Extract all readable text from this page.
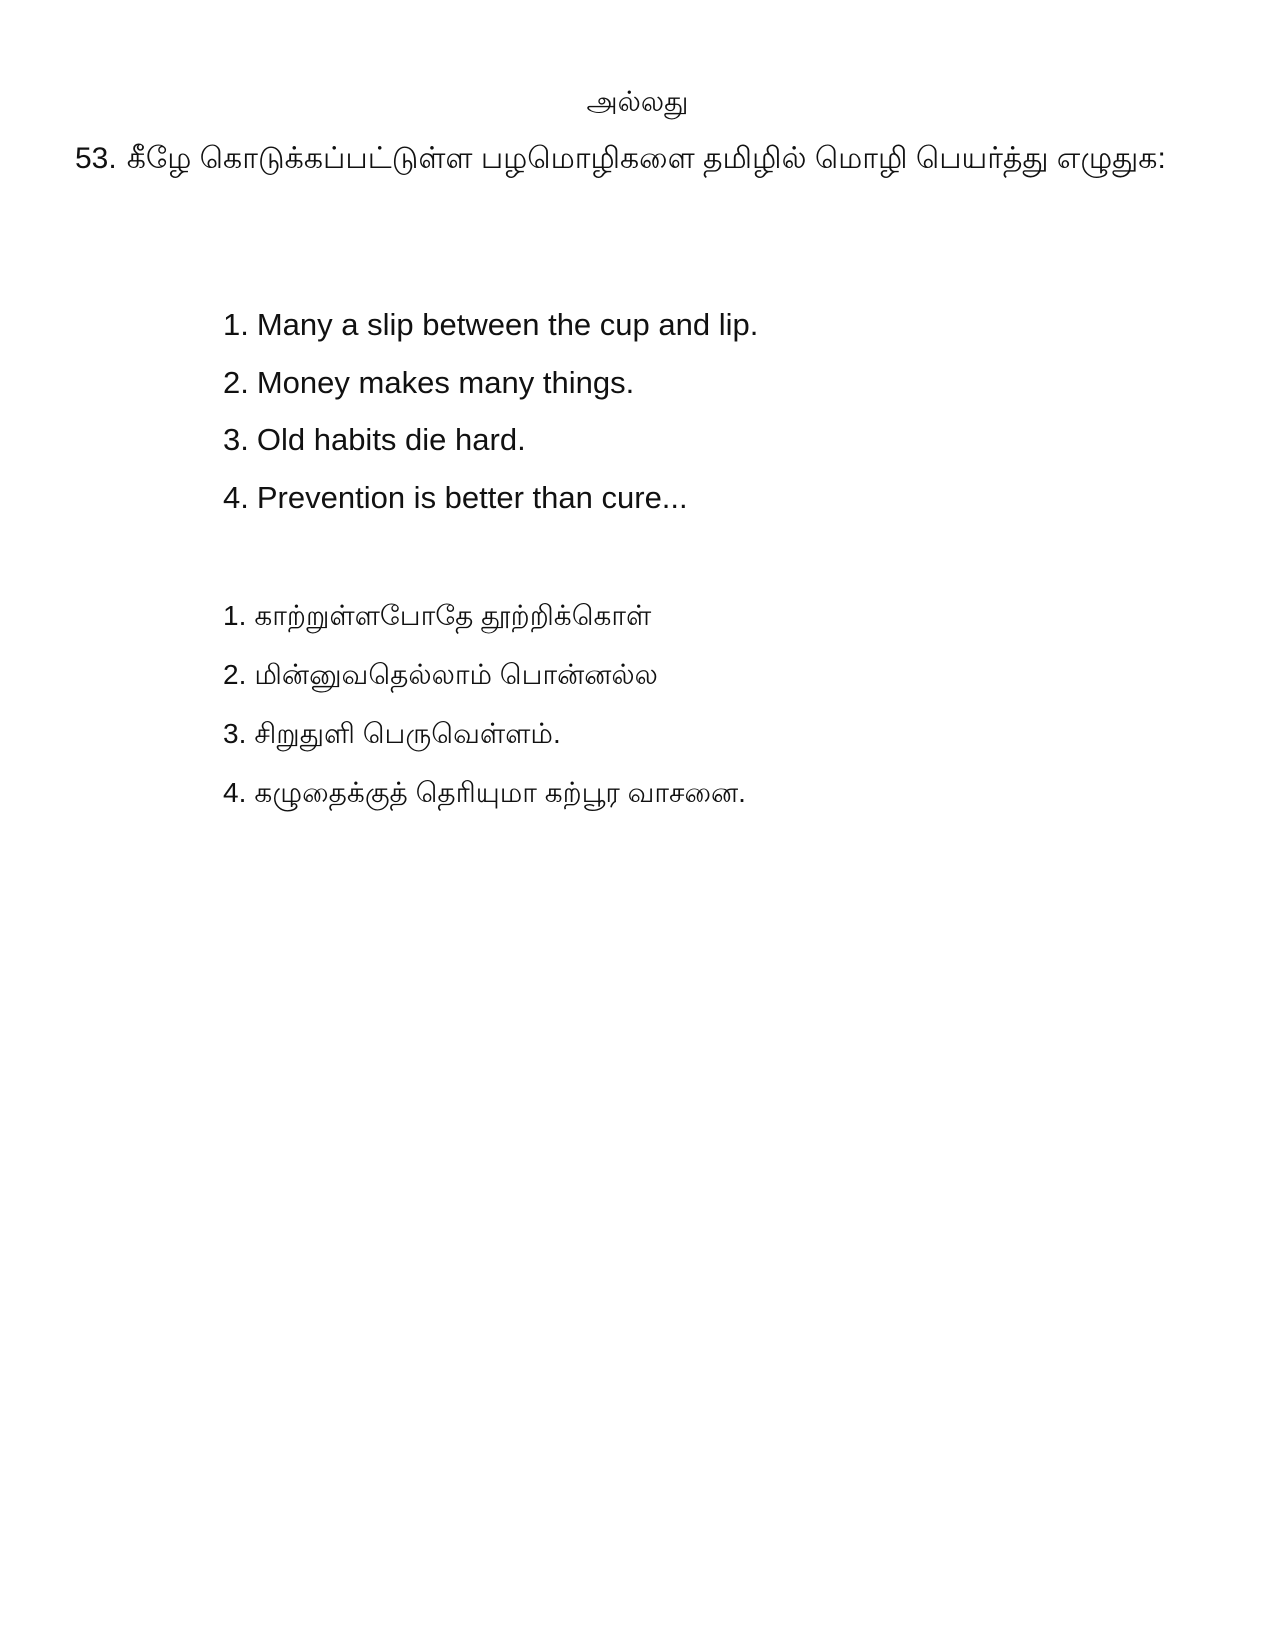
அல்லது
53. கீழே கொடுக்கப்பட்டுள்ள பழமொழிகளை தமிழில் மொழி பெயர்த்து எழுதுக:
1. Many a slip between the cup and lip.
2. Money makes many things.
3. Old habits die hard.
4. Prevention is better than cure...
1. காற்றுள்ளபோதே தூற்றிக்கொள்
2. மின்னுவதெல்லாம் பொன்னல்ல
3. சிறுதுளி பெருவெள்ளம்.
4. கழுதைக்குத் தெரியுமா கற்பூர வாசனை.
